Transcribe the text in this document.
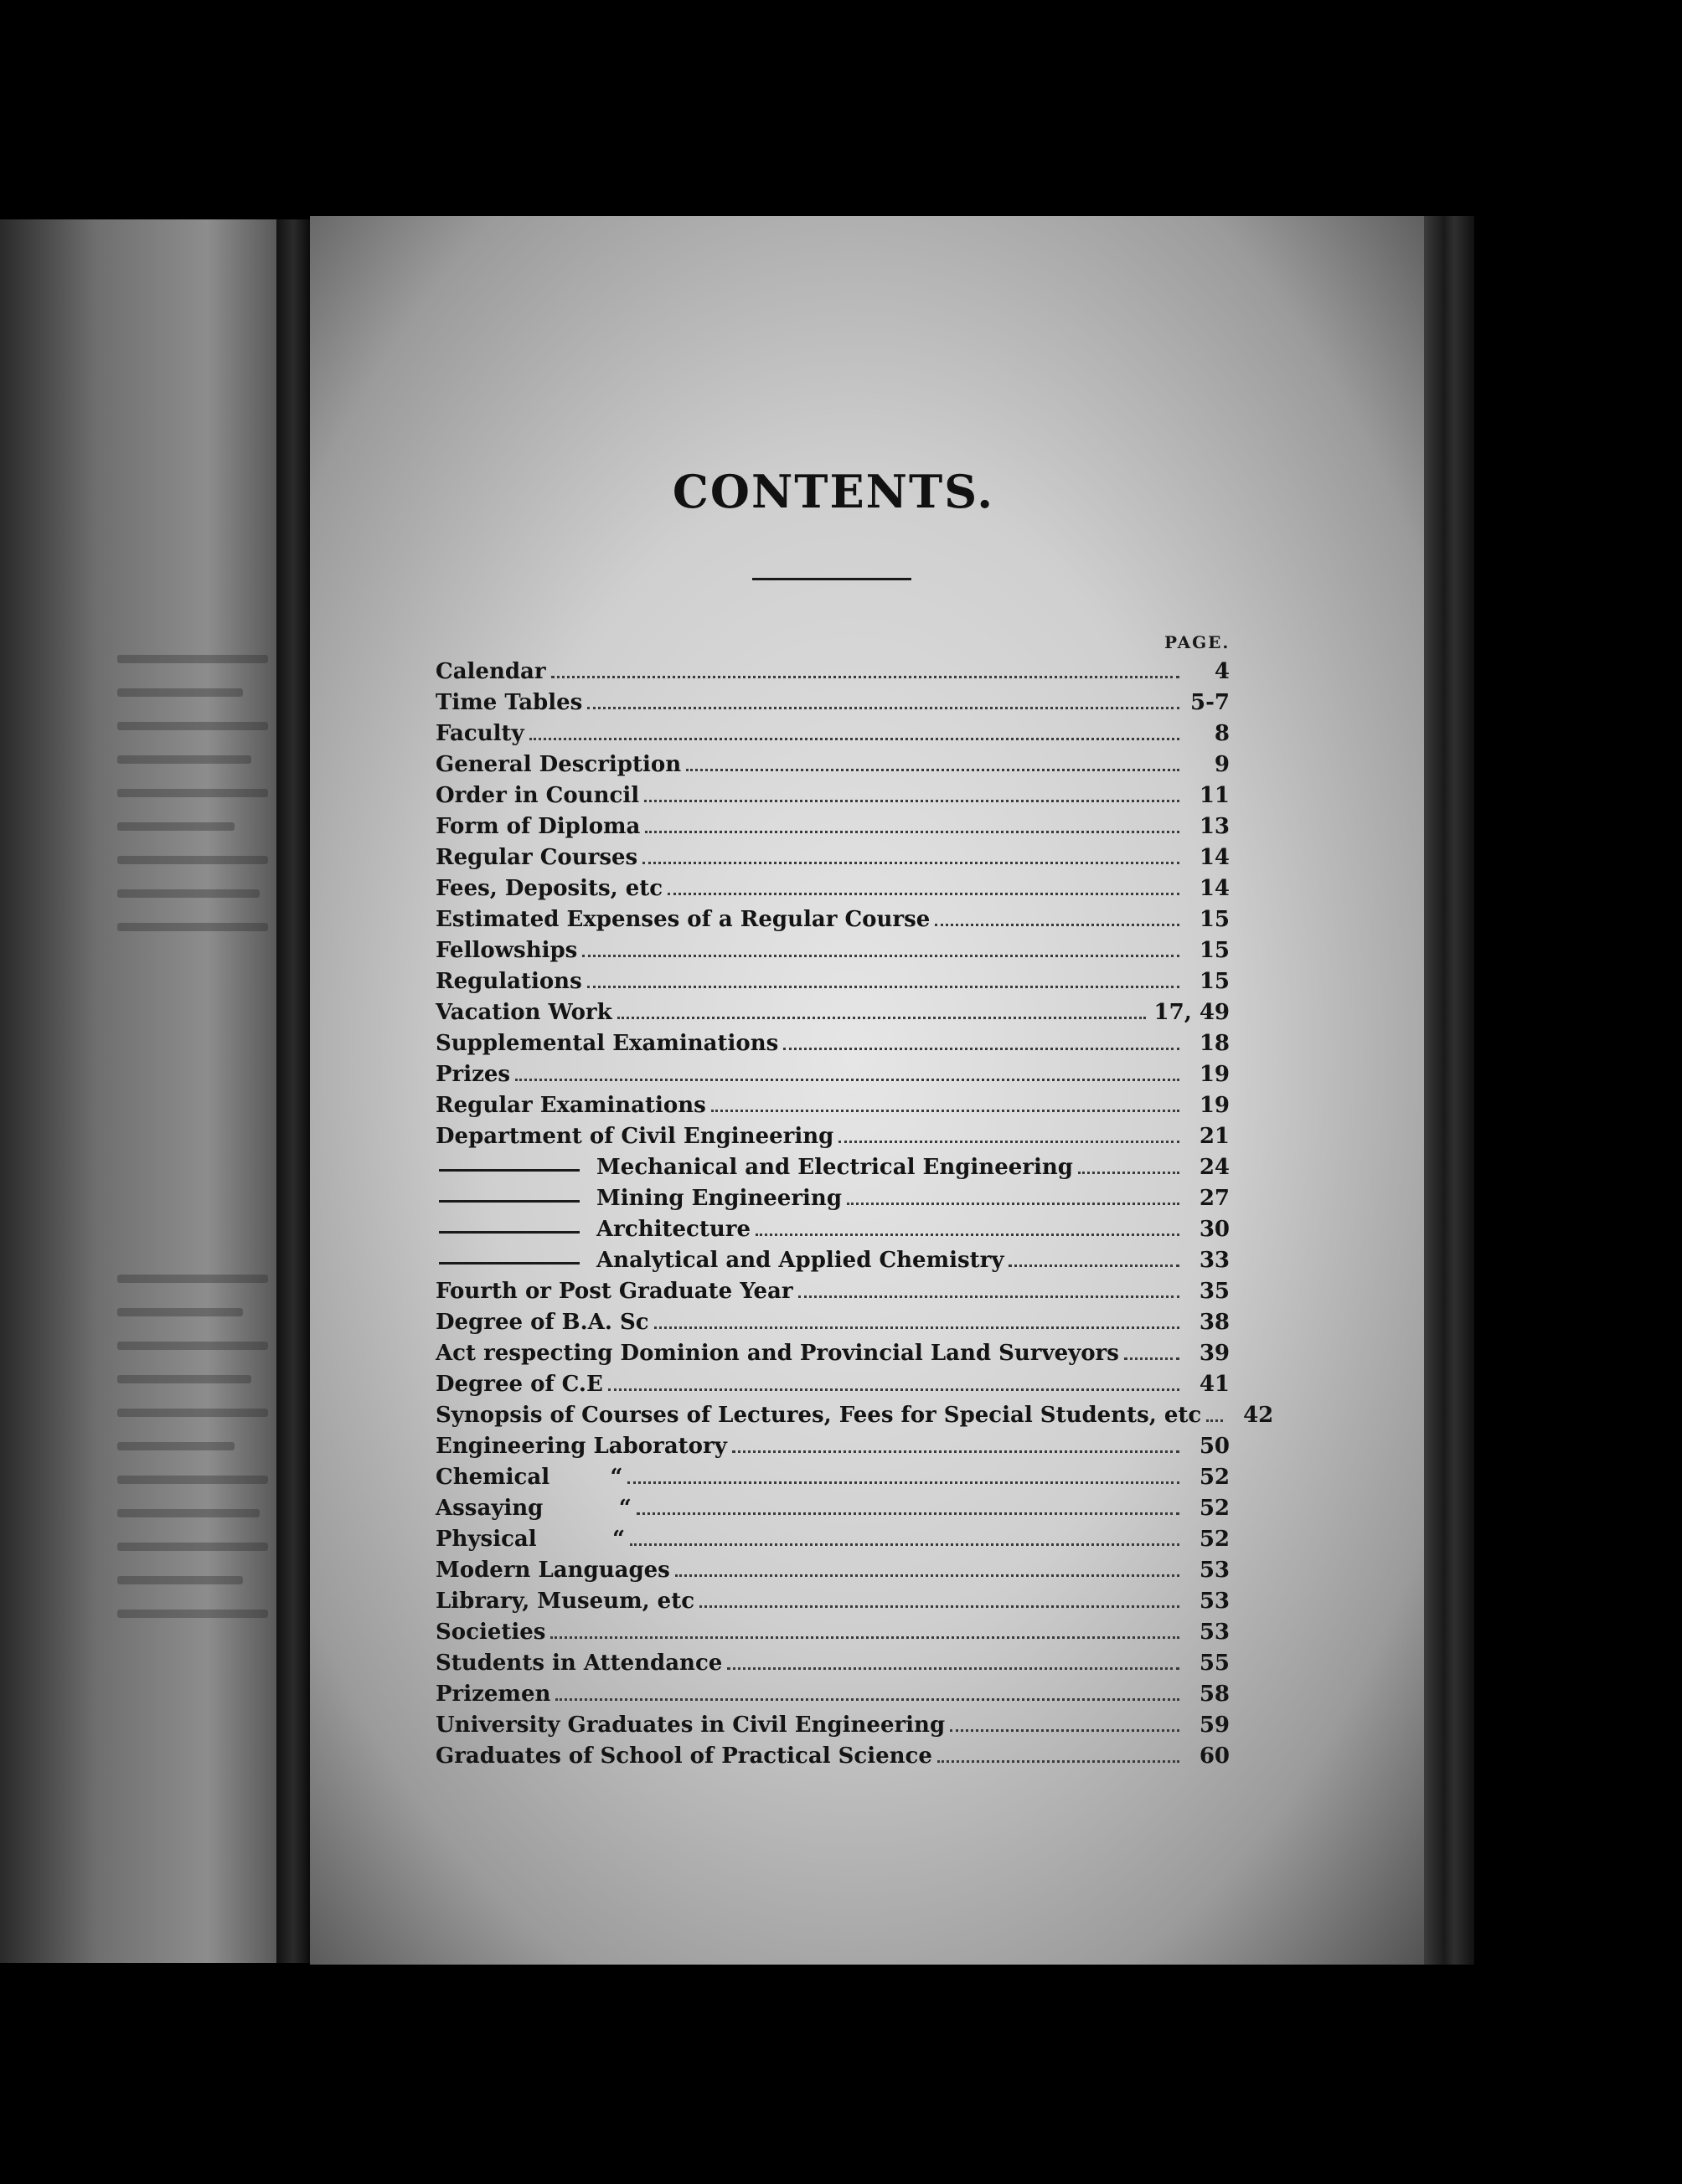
CONTENTS.
PAGE.
Calendar	4
Time Tables	5-7
Faculty	8
General Description	9
Order in Council	11
Form of Diploma	13
Regular Courses	14
Fees, Deposits, etc	14
Estimated Expenses of a Regular Course	15
Fellowships	15
Regulations	15
Vacation Work	17, 49
Supplemental Examinations	18
Prizes	19
Regular Examinations	19
Department of Civil Engineering	21
Mechanical and Electrical Engineering	24
Mining Engineering	27
Architecture	30
Analytical and Applied Chemistry	33
Fourth or Post Graduate Year	35
Degree of B.A. Sc	38
Act respecting Dominion and Provincial Land Surveyors	39
Degree of C.E	41
Synopsis of Courses of Lectures, Fees for Special Students, etc	42
Engineering Laboratory	50
Chemical        “	52
Assaying          “	52
Physical          “	52
Modern Languages	53
Library, Museum, etc	53
Societies	53
Students in Attendance	55
Prizemen	58
University Graduates in Civil Engineering	59
Graduates of School of Practical Science	60
